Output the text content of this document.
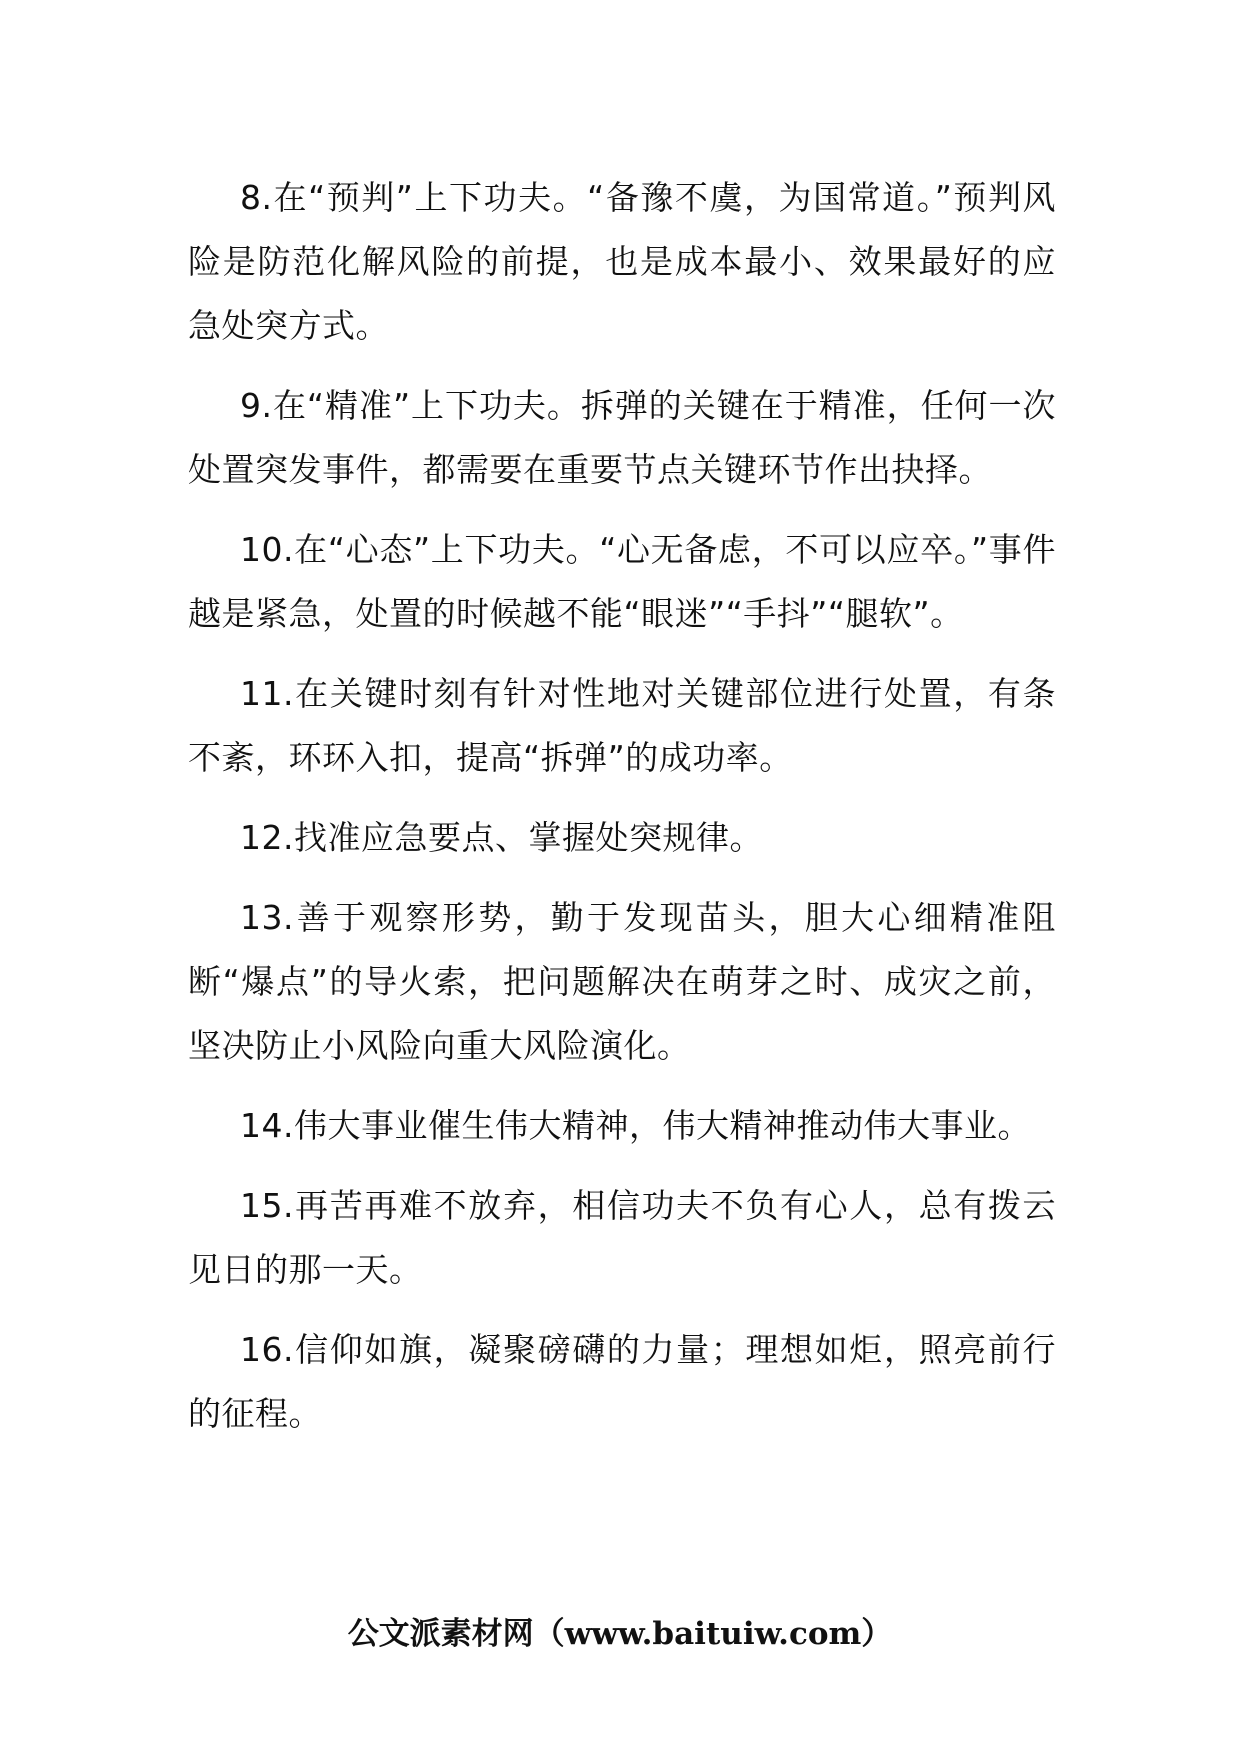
8.在“预判”上下功夫。“备豫不虞，为国常道。”预判风险是防范化解风险的前提，也是成本最小、效果最好的应急处突方式。

9.在“精准”上下功夫。拆弹的关键在于精准，任何一次处置突发事件，都需要在重要节点关键环节作出抉择。

10.在“心态”上下功夫。“心无备虑，不可以应卒。”事件越是紧急，处置的时候越不能“眼迷”“手抖”“腿软”。

11.在关键时刻有针对性地对关键部位进行处置，有条不紊，环环入扣，提高“拆弹”的成功率。

12.找准应急要点、掌握处突规律。

13.善于观察形势，勤于发现苗头，胆大心细精准阻断“爆点”的导火索，把问题解决在萌芽之时、成灾之前，坚决防止小风险向重大风险演化。

14.伟大事业催生伟大精神，伟大精神推动伟大事业。

15.再苦再难不放弃，相信功夫不负有心人，总有拨云见日的那一天。

16.信仰如旗，凝聚磅礴的力量；理想如炬，照亮前行的征程。

公文派素材网（www.baituiw.com）
